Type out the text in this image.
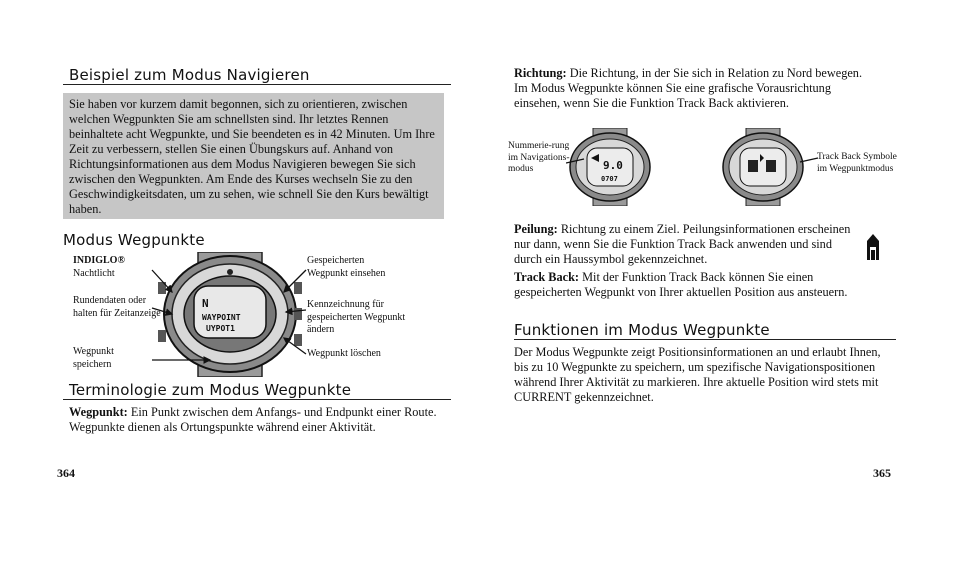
Beispiel zum Modus Navigieren

Sie haben vor kurzem damit begonnen, sich zu orientieren, zwischen welchen Wegpunkten Sie am schnellsten sind. Ihr letztes Rennen beinhaltete acht Wegpunkte, und Sie beendeten es in 42 Minuten. Um Ihre Zeit zu verbessern, stellen Sie einen Übungskurs auf. Anhand von Richtungsinformationen aus dem Modus Navigieren bewegen Sie sich zwischen den Wegpunkten. Am Ende des Kurses wechseln Sie zu den Geschwindigkeitsdaten, um zu sehen, wie schnell Sie den Kurs bewältigt haben.

Modus Wegpunkte
INDIGLO®
Nachtlicht
Rundendaten oder halten für Zeitanzeige
Wegpunkt speichern
Gespeicherten Wegpunkt einsehen
Kennzeichnung für gespeicherten Wegpunkt ändern
Wegpunkt löschen
N
WAYPOINT
UYPOT1
Terminologie zum Modus Wegpunkte

Wegpunkt: Ein Punkt zwischen dem Anfangs- und Endpunkt einer Route. Wegpunkte dienen als Ortungspunkte während einer Aktivität.

364

Richtung: Die Richtung, in der Sie sich in Relation zu Nord bewegen. Im Modus Wegpunkte können Sie eine grafische Vorausrichtung einsehen, wenn Sie die Funktion Track Back aktivieren.

Nummerie-rung im Navigations-modus
Track Back Symbole im Wegpunktmodus
9.0
0707

Peilung: Richtung zu einem Ziel. Peilungsinformationen erscheinen nur dann, wenn Sie die Funktion Track Back anwenden und sind durch ein Haussymbol gekennzeichnet.

Track Back: Mit der Funktion Track Back können Sie einen gespeicherten Wegpunkt von Ihrer aktuellen Position aus ansteuern.

Funktionen im Modus Wegpunkte

Der Modus Wegpunkte zeigt Positionsinformationen an und erlaubt Ihnen, bis zu 10 Wegpunkte zu speichern, um spezifische Navigationspositionen während Ihrer Aktivität zu markieren. Ihre aktuelle Position wird stets mit CURRENT gekennzeichnet.

365
